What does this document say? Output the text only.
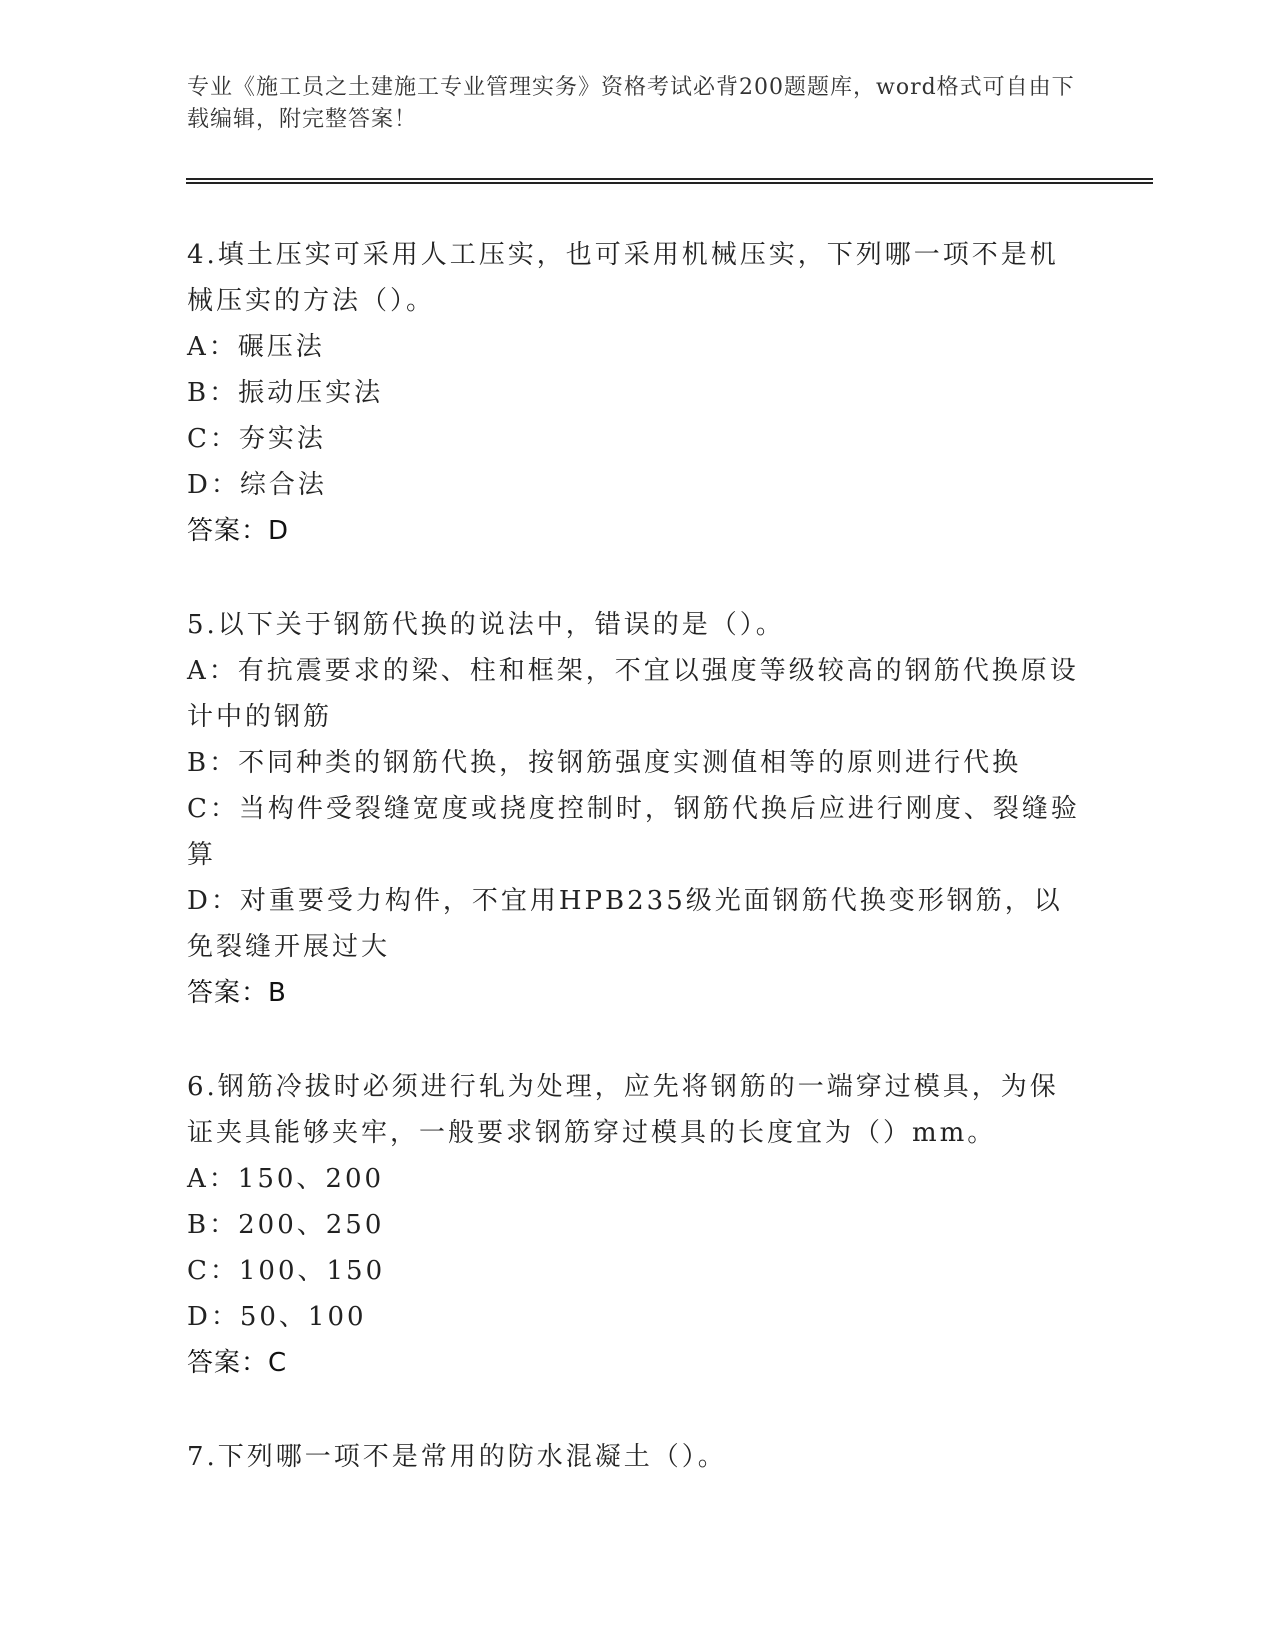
专业《施工员之土建施工专业管理实务》资格考试必背200题题库，word格式可自由下载编辑，附完整答案！

4.填土压实可采用人工压实，也可采用机械压实，下列哪一项不是机械压实的方法（）。

A：碾压法

B：振动压实法

C：夯实法

D：综合法

答案：D

5.以下关于钢筋代换的说法中，错误的是（）。

A：有抗震要求的梁、柱和框架，不宜以强度等级较高的钢筋代换原设计中的钢筋

B：不同种类的钢筋代换，按钢筋强度实测值相等的原则进行代换

C：当构件受裂缝宽度或挠度控制时，钢筋代换后应进行刚度、裂缝验算

D：对重要受力构件，不宜用HPB235级光面钢筋代换变形钢筋，以免裂缝开展过大

答案：B

6.钢筋冷拔时必须进行轧为处理，应先将钢筋的一端穿过模具，为保证夹具能够夹牢，一般要求钢筋穿过模具的长度宜为（）mm。

A：150、200

B：200、250

C：100、150

D：50、100

答案：C

7.下列哪一项不是常用的防水混凝土（）。
